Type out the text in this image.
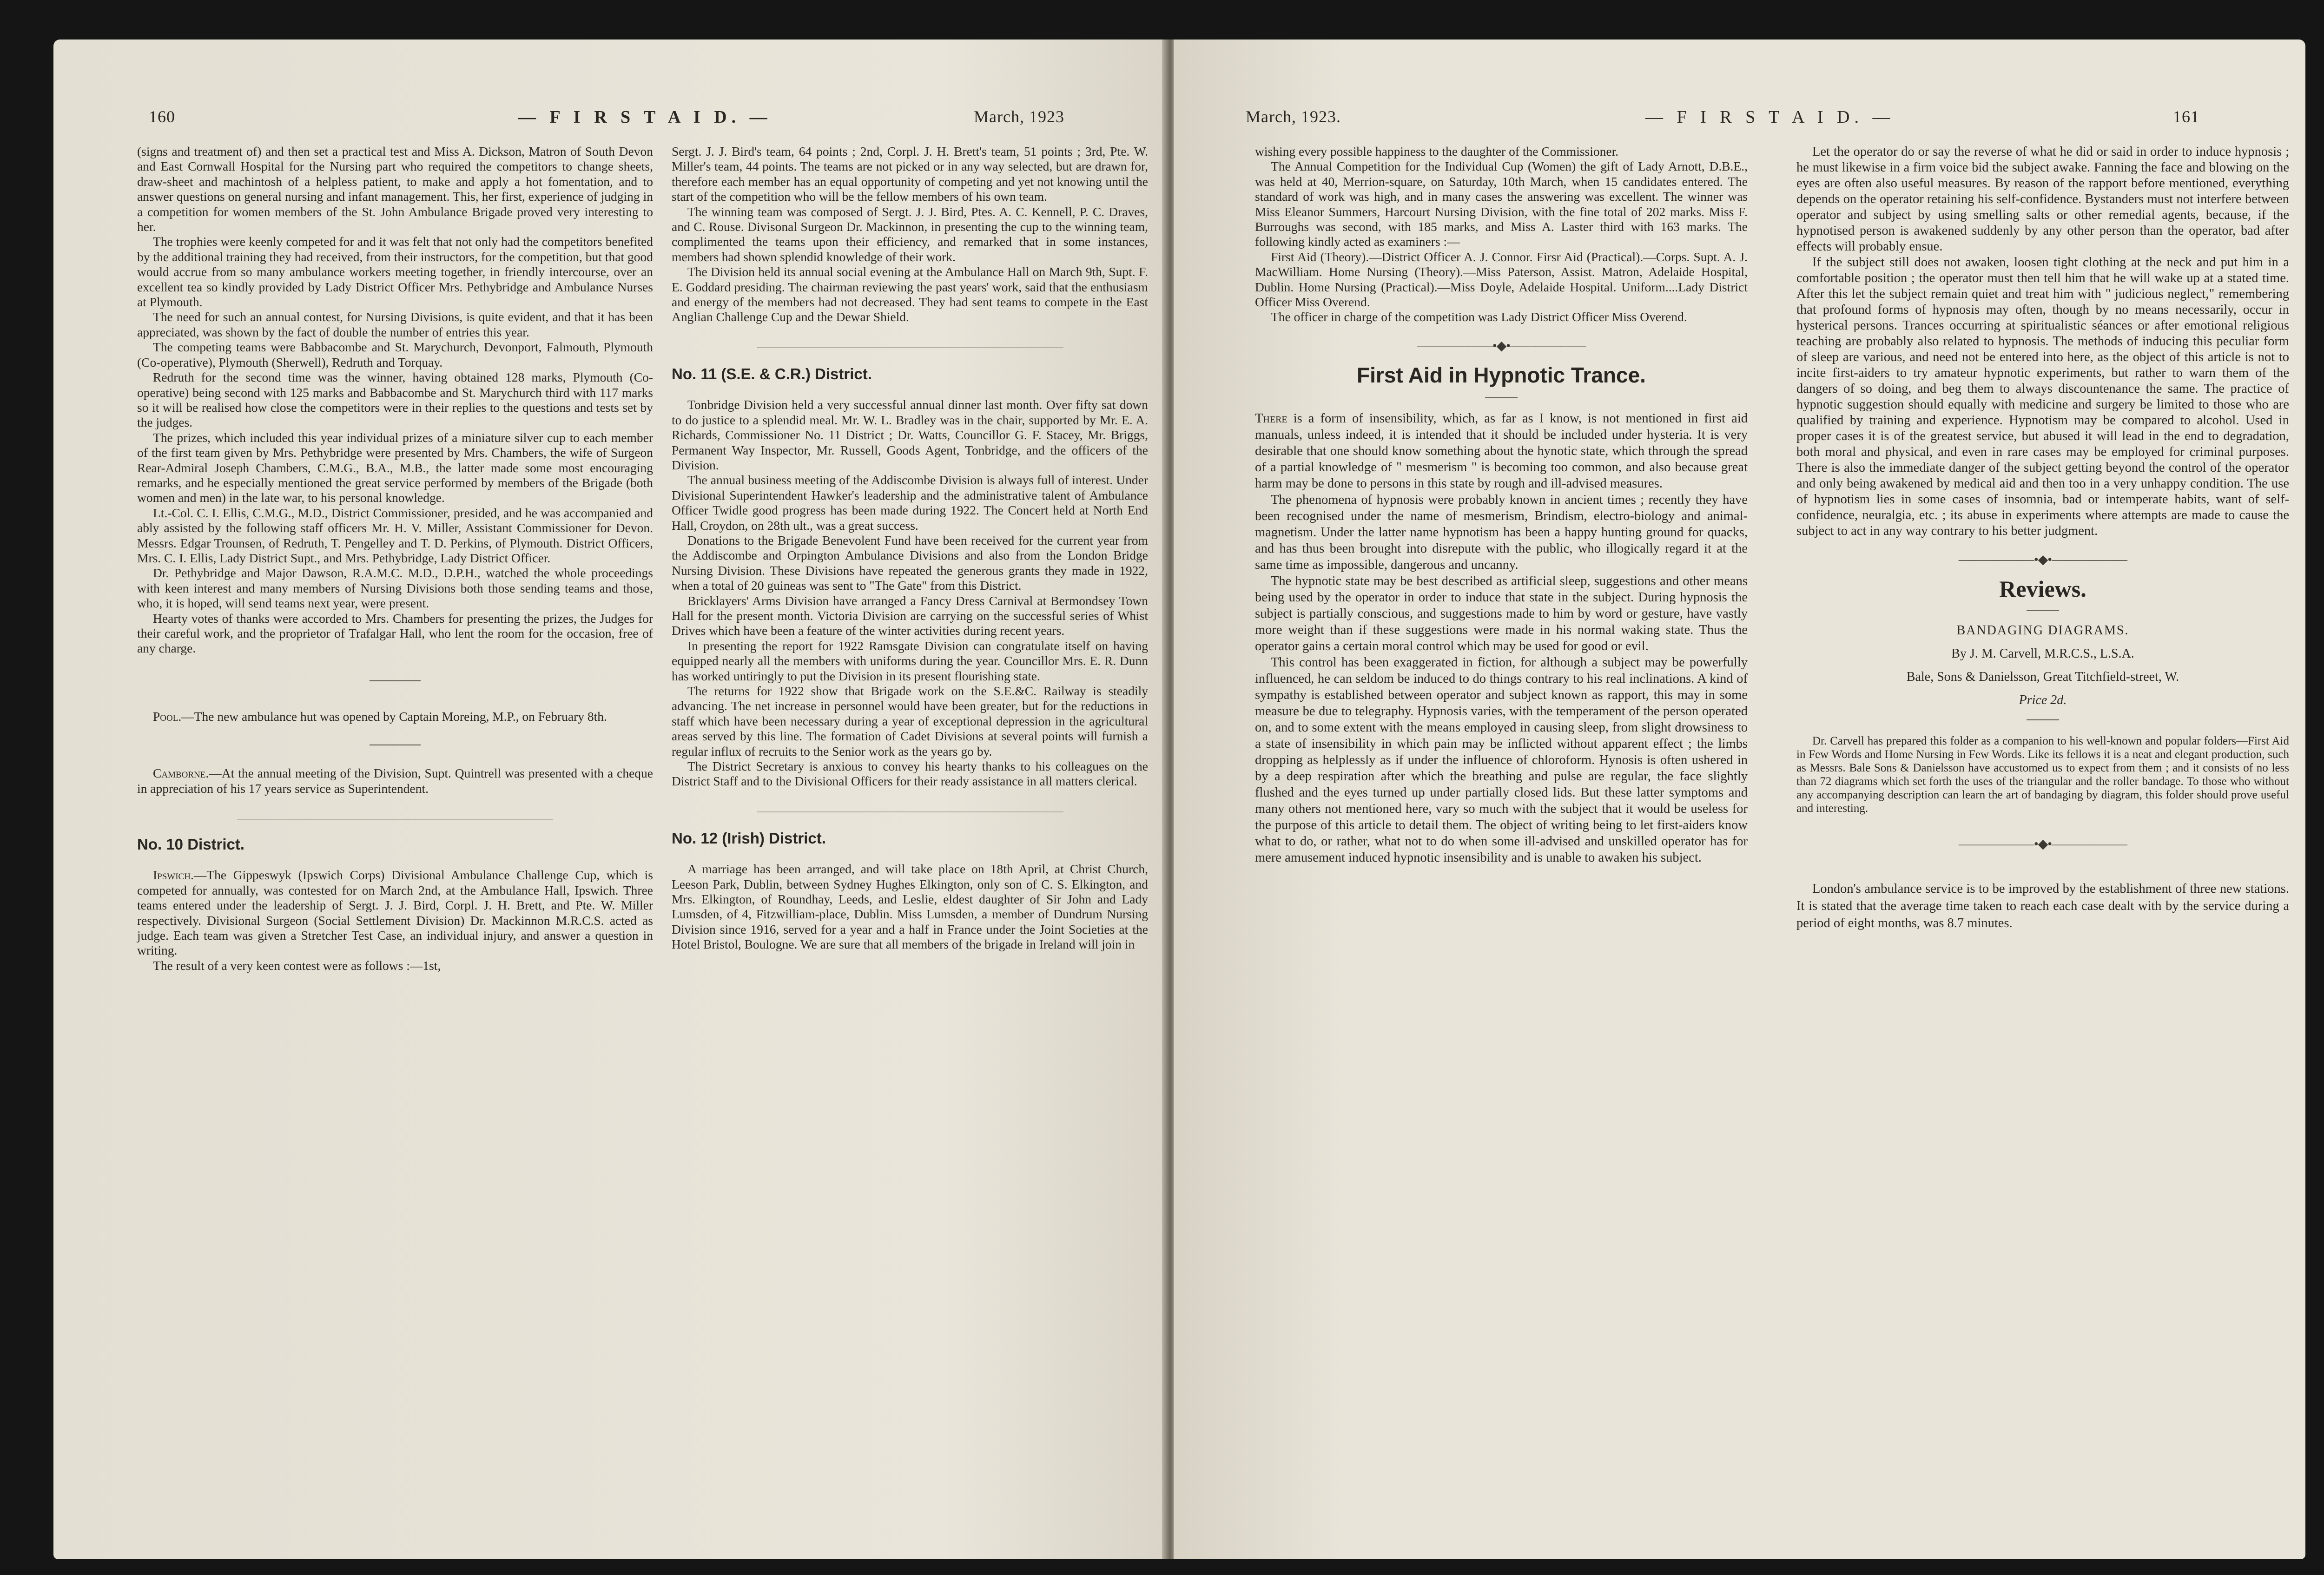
160	— F I R S T A I D. —	March, 1923

(signs and treatment of) and then set a practical test and Miss A. Dickson, Matron of South Devon and East Cornwall Hospital for the Nursing part who required the competitors to change sheets, draw-sheet and machintosh of a helpless patient, to make and apply a hot fomentation, and to answer questions on general nursing and infant management. This, her first, experience of judging in a competition for women members of the St. John Ambulance Brigade proved very interesting to her.

The trophies were keenly competed for and it was felt that not only had the competitors benefited by the additional training they had received, from their instructors, for the competition, but that good would accrue from so many ambulance workers meeting together, in friendly intercourse, over an excellent tea so kindly provided by Lady District Officer Mrs. Pethybridge and Ambulance Nurses at Plymouth.

The need for such an annual contest, for Nursing Divisions, is quite evident, and that it has been appreciated, was shown by the fact of double the number of entries this year.

The competing teams were Babbacombe and St. Marychurch, Devonport, Falmouth, Plymouth (Co-operative), Plymouth (Sherwell), Redruth and Torquay.

Redruth for the second time was the winner, having obtained 128 marks, Plymouth (Co-operative) being second with 125 marks and Babbacombe and St. Marychurch third with 117 marks so it will be realised how close the competitors were in their replies to the questions and tests set by the judges.

The prizes, which included this year individual prizes of a miniature silver cup to each member of the first team given by Mrs. Pethybridge were presented by Mrs. Chambers, the wife of Surgeon Rear-Admiral Joseph Chambers, C.M.G., B.A., M.B., the latter made some most encouraging remarks, and he especially mentioned the great service performed by members of the Brigade (both women and men) in the late war, to his personal knowledge.

Lt.-Col. C. I. Ellis, C.M.G., M.D., District Commissioner, presided, and he was accompanied and ably assisted by the following staff officers Mr. H. V. Miller, Assistant Commissioner for Devon. Messrs. Edgar Trounsen, of Redruth, T. Pengelley and T. D. Perkins, of Plymouth. District Officers, Mrs. C. I. Ellis, Lady District Supt., and Mrs. Pethybridge, Lady District Officer.

Dr. Pethybridge and Major Dawson, R.A.M.C. M.D., D.P.H., watched the whole proceedings with keen interest and many members of Nursing Divisions both those sending teams and those, who, it is hoped, will send teams next year, were present.

Hearty votes of thanks were accorded to Mrs. Chambers for presenting the prizes, the Judges for their careful work, and the proprietor of Trafalgar Hall, who lent the room for the occasion, free of any charge.

Pool.—The new ambulance hut was opened by Captain Moreing, M.P., on February 8th.

Camborne.—At the annual meeting of the Division, Supt. Quintrell was presented with a cheque in appreciation of his 17 years service as Superintendent.

No. 10 District.

Ipswich.—The Gippeswyk (Ipswich Corps) Divisional Ambulance Challenge Cup, which is competed for annually, was contested for on March 2nd, at the Ambulance Hall, Ipswich. Three teams entered under the leadership of Sergt. J. J. Bird, Corpl. J. H. Brett, and Pte. W. Miller respectively. Divisional Surgeon (Social Settlement Division) Dr. Mackinnon M.R.C.S. acted as judge. Each team was given a Stretcher Test Case, an individual injury, and answer a question in writing.

The result of a very keen contest were as follows :—1st,

Sergt. J. J. Bird's team, 64 points ; 2nd, Corpl. J. H. Brett's team, 51 points ; 3rd, Pte. W. Miller's team, 44 points. The teams are not picked or in any way selected, but are drawn for, therefore each member has an equal opportunity of competing and yet not knowing until the start of the competition who will be the fellow members of his own team.

The winning team was composed of Sergt. J. J. Bird, Ptes. A. C. Kennell, P. C. Draves, and C. Rouse. Divisonal Surgeon Dr. Mackinnon, in presenting the cup to the winning team, complimented the teams upon their efficiency, and remarked that in some instances, members had shown splendid knowledge of their work.

The Division held its annual social evening at the Ambulance Hall on March 9th, Supt. F. E. Goddard presiding. The chairman reviewing the past years' work, said that the enthusiasm and energy of the members had not decreased. They had sent teams to compete in the East Anglian Challenge Cup and the Dewar Shield.

No. 11 (S.E. & C.R.) District.

Tonbridge Division held a very successful annual dinner last month. Over fifty sat down to do justice to a splendid meal. Mr. W. L. Bradley was in the chair, supported by Mr. E. A. Richards, Commissioner No. 11 District ; Dr. Watts, Councillor G. F. Stacey, Mr. Briggs, Permanent Way Inspector, Mr. Russell, Goods Agent, Tonbridge, and the officers of the Division.

The annual business meeting of the Addiscombe Division is always full of interest. Under Divisional Superintendent Hawker's leadership and the administrative talent of Ambulance Officer Twidle good progress has been made during 1922. The Concert held at North End Hall, Croydon, on 28th ult., was a great success.

Donations to the Brigade Benevolent Fund have been received for the current year from the Addiscombe and Orpington Ambulance Divisions and also from the London Bridge Nursing Division. These Divisions have repeated the generous grants they made in 1922, when a total of 20 guineas was sent to "The Gate" from this District.

Bricklayers' Arms Division have arranged a Fancy Dress Carnival at Bermondsey Town Hall for the present month. Victoria Division are carrying on the successful series of Whist Drives which have been a feature of the winter activities during recent years.

In presenting the report for 1922 Ramsgate Division can congratulate itself on having equipped nearly all the members with uniforms during the year. Councillor Mrs. E. R. Dunn has worked untiringly to put the Division in its present flourishing state.

The returns for 1922 show that Brigade work on the S.E.&C. Railway is steadily advancing. The net increase in personnel would have been greater, but for the reductions in staff which have been necessary during a year of exceptional depression in the agricultural areas served by this line. The formation of Cadet Divisions at several points will furnish a regular influx of recruits to the Senior work as the years go by.

The District Secretary is anxious to convey his hearty thanks to his colleagues on the District Staff and to the Divisional Officers for their ready assistance in all matters clerical.

No. 12 (Irish) District.

A marriage has been arranged, and will take place on 18th April, at Christ Church, Leeson Park, Dublin, between Sydney Hughes Elkington, only son of C. S. Elkington, and Mrs. Elkington, of Roundhay, Leeds, and Leslie, eldest daughter of Sir John and Lady Lumsden, of 4, Fitzwilliam-place, Dublin. Miss Lumsden, a member of Dundrum Nursing Division since 1916, served for a year and a half in France under the Joint Societies at the Hotel Bristol, Boulogne. We are sure that all members of the brigade in Ireland will join in

March, 1923.	— F I R S T A I D. —	161

wishing every possible happiness to the daughter of the Commissioner.

The Annual Competition for the Individual Cup (Women) the gift of Lady Arnott, D.B.E., was held at 40, Merrion-square, on Saturday, 10th March, when 15 candidates entered. The standard of work was high, and in many cases the answering was excellent. The winner was Miss Eleanor Summers, Harcourt Nursing Division, with the fine total of 202 marks. Miss F. Burroughs was second, with 185 marks, and Miss A. Laster third with 163 marks. The following kindly acted as examiners :—

First Aid (Theory).—District Officer A. J. Connor. Firsr Aid (Practical).—Corps. Supt. A. J. MacWilliam. Home Nursing (Theory).—Miss Paterson, Assist. Matron, Adelaide Hospital, Dublin. Home Nursing (Practical).—Miss Doyle, Adelaide Hospital. Uniform....Lady District Officer Miss Overend.

The officer in charge of the competition was Lady District Officer Miss Overend.

――――――•◆•――――――
First Aid in Hypnotic Trance.

There is a form of insensibility, which, as far as I know, is not mentioned in first aid manuals, unless indeed, it is intended that it should be included under hysteria. It is very desirable that one should know something about the hynotic state, which through the spread of a partial knowledge of " mesmerism " is becoming too common, and also because great harm may be done to persons in this state by rough and ill-advised measures.

The phenomena of hypnosis were probably known in ancient times ; recently they have been recognised under the name of mesmerism, Brindism, electro-biology and animal-magnetism. Under the latter name hypnotism has been a happy hunting ground for quacks, and has thus been brought into disrepute with the public, who illogically regard it at the same time as impossible, dangerous and uncanny.

The hypnotic state may be best described as artificial sleep, suggestions and other means being used by the operator in order to induce that state in the subject. During hypnosis the subject is partially conscious, and suggestions made to him by word or gesture, have vastly more weight than if these suggestions were made in his normal waking state. Thus the operator gains a certain moral control which may be used for good or evil.

This control has been exaggerated in fiction, for although a subject may be powerfully influenced, he can seldom be induced to do things contrary to his real inclinations. A kind of sympathy is established between operator and subject known as rapport, this may in some measure be due to telegraphy. Hypnosis varies, with the temperament of the person operated on, and to some extent with the means employed in causing sleep, from slight drowsiness to a state of insensibility in which pain may be inflicted without apparent effect ; the limbs dropping as helplessly as if under the influence of chloroform. Hynosis is often ushered in by a deep respiration after which the breathing and pulse are regular, the face slightly flushed and the eyes turned up under partially closed lids. But these latter symptoms and many others not mentioned here, vary so much with the subject that it would be useless for the purpose of this article to detail them. The object of writing being to let first-aiders know what to do, or rather, what not to do when some ill-advised and unskilled operator has for mere amusement induced hypnotic insensibility and is unable to awaken his subject.

Let the operator do or say the reverse of what he did or said in order to induce hypnosis ; he must likewise in a firm voice bid the subject awake. Fanning the face and blowing on the eyes are often also useful measures. By reason of the rapport before mentioned, everything depends on the operator retaining his self-confidence. Bystanders must not interfere between operator and subject by using smelling salts or other remedial agents, because, if the hypnotised person is awakened suddenly by any other person than the operator, bad after effects will probably ensue.

If the subject still does not awaken, loosen tight clothing at the neck and put him in a comfortable position ; the operator must then tell him that he will wake up at a stated time. After this let the subject remain quiet and treat him with " judicious neglect," remembering that profound forms of hypnosis may often, though by no means necessarily, occur in hysterical persons. Trances occurring at spiritualistic séances or after emotional religious teaching are probably also related to hypnosis. The methods of inducing this peculiar form of sleep are various, and need not be entered into here, as the object of this article is not to incite first-aiders to try amateur hypnotic experiments, but rather to warn them of the dangers of so doing, and beg them to always discountenance the same. The practice of hypnotic suggestion should equally with medicine and surgery be limited to those who are qualified by training and experience. Hypnotism may be compared to alcohol. Used in proper cases it is of the greatest service, but abused it will lead in the end to degradation, both moral and physical, and even in rare cases may be employed for criminal purposes. There is also the immediate danger of the subject getting beyond the control of the operator and only being awakened by medical aid and then too in a very unhappy condition. The use of hypnotism lies in some cases of insomnia, bad or intemperate habits, want of self-confidence, neuralgia, etc. ; its abuse in experiments where attempts are made to cause the subject to act in any way contrary to his better judgment.

――――――•◆•――――――
Reviews.
BANDAGING DIAGRAMS.
By J. M. Carvell, M.R.C.S., L.S.A.
Bale, Sons & Danielsson, Great Titchfield-street, W.
Price 2d.

Dr. Carvell has prepared this folder as a companion to his well-known and popular folders—First Aid in Few Words and Home Nursing in Few Words. Like its fellows it is a neat and elegant production, such as Messrs. Bale Sons & Danielsson have accustomed us to expect from them ; and it consists of no less than 72 diagrams which set forth the uses of the triangular and the roller bandage. To those who without any accompanying description can learn the art of bandaging by diagram, this folder should prove useful and interesting.

――――――•◆•――――――

London's ambulance service is to be improved by the establishment of three new stations. It is stated that the average time taken to reach each case dealt with by the service during a period of eight months, was 8.7 minutes.
